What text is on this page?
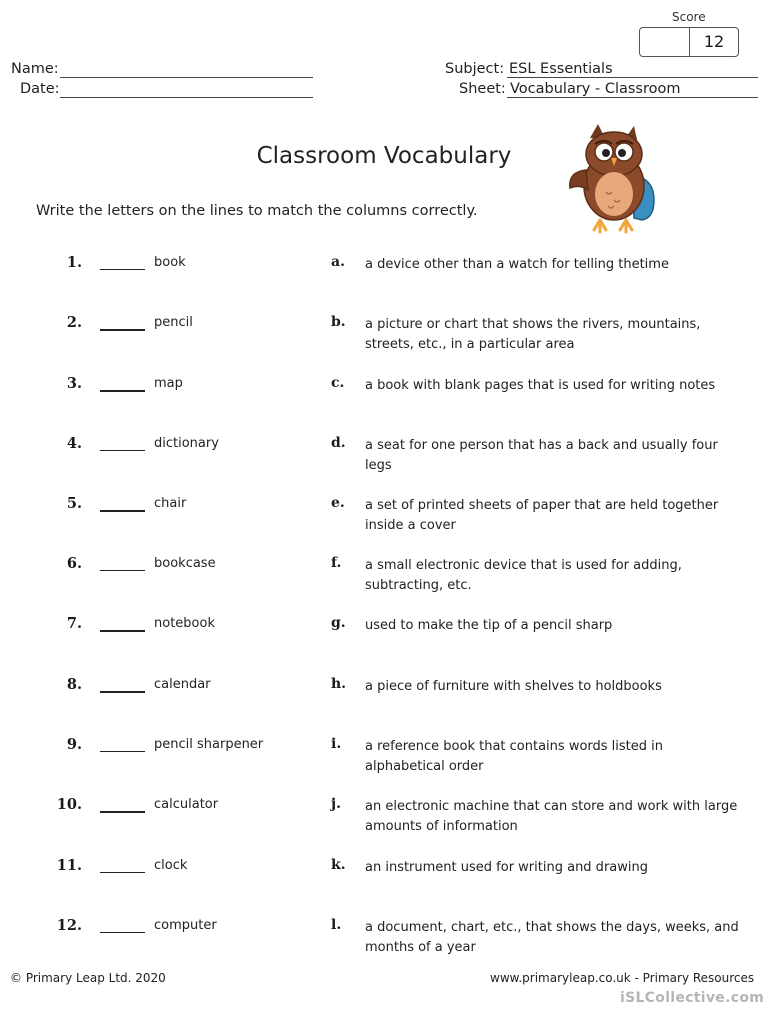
Score
12
Name:
Date:
Subject: ESL Essentials
Sheet: Vocabulary - Classroom
Classroom Vocabulary
Write the letters on the lines to match the columns correctly.
1.	book	a. a device other than a watch for telling thetime
2.	pencil	b. a picture or chart that shows the rivers, mountains, streets, etc., in a particular area
3.	map	c. a book with blank pages that is used for writing notes
4.	dictionary	d. a seat for one person that has a back and usually four legs
5.	chair	e. a set of printed sheets of paper that are held together inside a cover
6.	bookcase	f. a small electronic device that is used for adding, subtracting, etc.
7.	notebook	g. used to make the tip of a pencil sharp
8.	calendar	h. a piece of furniture with shelves to holdbooks
9.	pencil sharpener	i. a reference book that contains words listed in alphabetical order
10.	calculator	j.	an electronic machine that can store and work with large amounts of information
11.	clock	k. an instrument used for writing and drawing
12.	computer	l. a document, chart, etc., that shows the days, weeks, and months of a year
© Primary Leap Ltd. 2020	www.primaryleap.co.uk - Primary Resources
iSLCollective.com
